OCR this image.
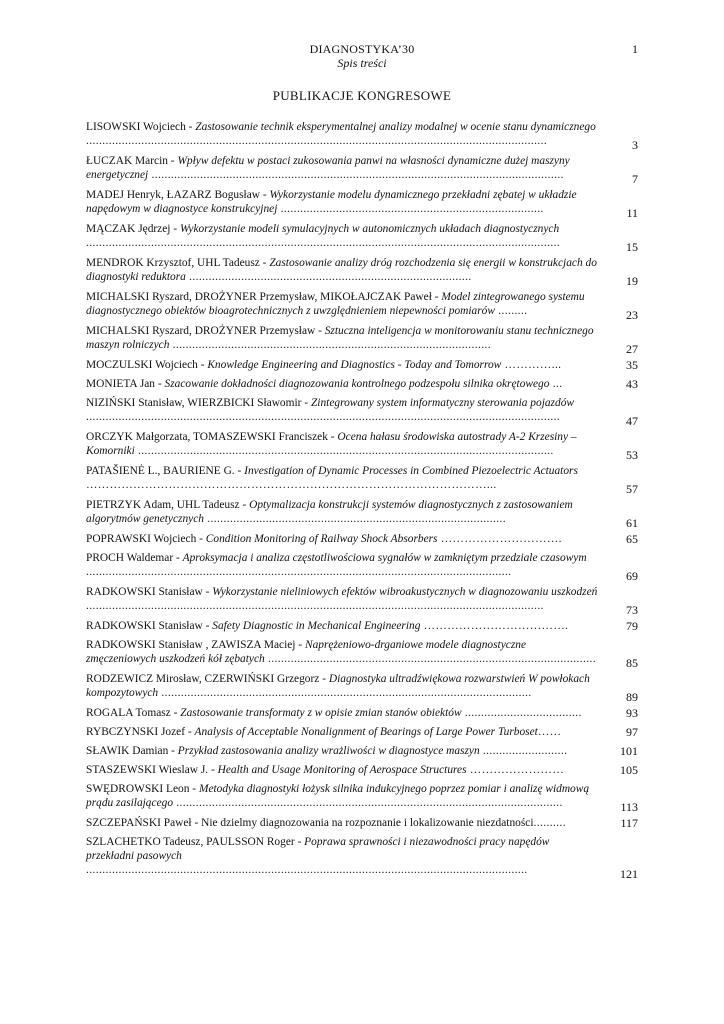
DIAGNOSTYKA’30
Spis treści
1
PUBLIKACJE KONGRESOWE
LISOWSKI Wojciech - Zastosowanie technik eksperymentalnej analizy modalnej w ocenie stanu dynamicznego ..............................................................................................................................................	3
ŁUCZAK Marcin - Wpływ defektu w postaci zukosowania panwi na własności dynamiczne dużej maszyny energetycznej ...............................................................................................................................	7
MADEJ Henryk, ŁAZARZ Bogusław - Wykorzystanie modelu dynamicznego przekładni zębatej w układzie napędowym w diagnostyce konstrukcyjnej .................................................................................	11
MĄCZAK Jędrzej - Wykorzystanie modeli symulacyjnych w autonomicznych układach diagnostycznych ..................................................................................................................................................	15
MENDROK Krzysztof, UHL Tadeusz - Zastosowanie analizy dróg rozchodzenia się energii w konstrukcjach do diagnostyki reduktora .......................................................................................	19
MICHALSKI Ryszard, DROŻYNER Przemysław, MIKOŁAJCZAK Paweł - Model zintegrowanego systemu diagnostycznego obiektów bioagrotechnicznych z uwzględnieniem niepewności pomiarów .........	23
MICHALSKI Ryszard, DROŻYNER Przemysław - Sztuczna inteligencja w monitorowaniu stanu technicznego maszyn rolniczych ..................................................................................................	27
MOCZULSKI Wojciech - Knowledge Engineering and Diagnostics - Today and Tomorrow …………...	35
MONIETA Jan - Szacowanie dokładności diagnozowania kontrolnego podzespołu silnika okrętowego ...	43
NIZIŃSKI Stanisław, WIERZBICKI Sławomir - Zintegrowany system informatyczny sterowania pojazdów ..................................................................................................................................................	47
ORCZYK Małgorzata, TOMASZEWSKI Franciszek - Ocena hałasu środowiska autostrady A-2 Krzesiny – Komorniki ................................................................................................................................	53
PATAŠIENĖ L., BAURIENE G. - Investigation of Dynamic Processes in Combined Piezoelectric Actuators …………………………………………………………………………………………...	57
PIETRZYK Adam, UHL Tadeusz - Optymalizacja konstrukcji systemów diagnostycznych z zastosowaniem algorytmów genetycznych ............................................................................................	61
POPRAWSKI Wojciech - Condition Monitoring of Railway Shock Absorbers ………………………….	65
PROCH Waldemar - Aproksymacja i analiza częstotliwościowa sygnałów w zamkniętym przedziale czasowym ...................................................................................................................................	69
RADKOWSKI Stanisław - Wykorzystanie nieliniowych efektów wibroakustycznych w diagnozowaniu uszkodzeń .............................................................................................................................................	73
RADKOWSKI Stanisław - Safety Diagnostic in Mechanical Engineering ……………………………….	79
RADKOWSKI Stanisław , ZAWISZA Maciej - Naprężeniowo-drganiowe modele diagnostyczne zmęczeniowych uszkodzeń kół zębatych .....................................................................................................	85
RODZEWICZ Mirosław, CZERWIŃSKI Grzegorz - Diagnostyka ultradźwiękowa rozwarstwień W powłokach kompozytowych ..................................................................................................................	89
ROGALA Tomasz - Zastosowanie transformaty z w opisie zmian stanów obiektów ....................................	93
RYBCZYNSKI Jozef - Analysis of Acceptable Nonalignment of Bearings of Large Power Turboset……	97
SŁAWIK Damian - Przykład zastosowania analizy wrażliwości w diagnostyce maszyn ..........................	101
STASZEWSKI Wieslaw J. - Health and Usage Monitoring of Aerospace Structures ……………………	105
SWĘDROWSKI Leon - Metodyka diagnostyki łożysk silnika indukcyjnego poprzez pomiar i analizę widmową prądu zasilającego .......................................................................................................................	113
SZCZEPAŃSKI Paweł - Nie dzielmy diagnozowania na rozpoznanie i lokalizowanie niezdatności..........	117
SZLACHETKO Tadeusz, PAULSSON Roger - Poprawa sprawności i niezawodności pracy napędów przekładni pasowych ........................................................................................................................................	121
